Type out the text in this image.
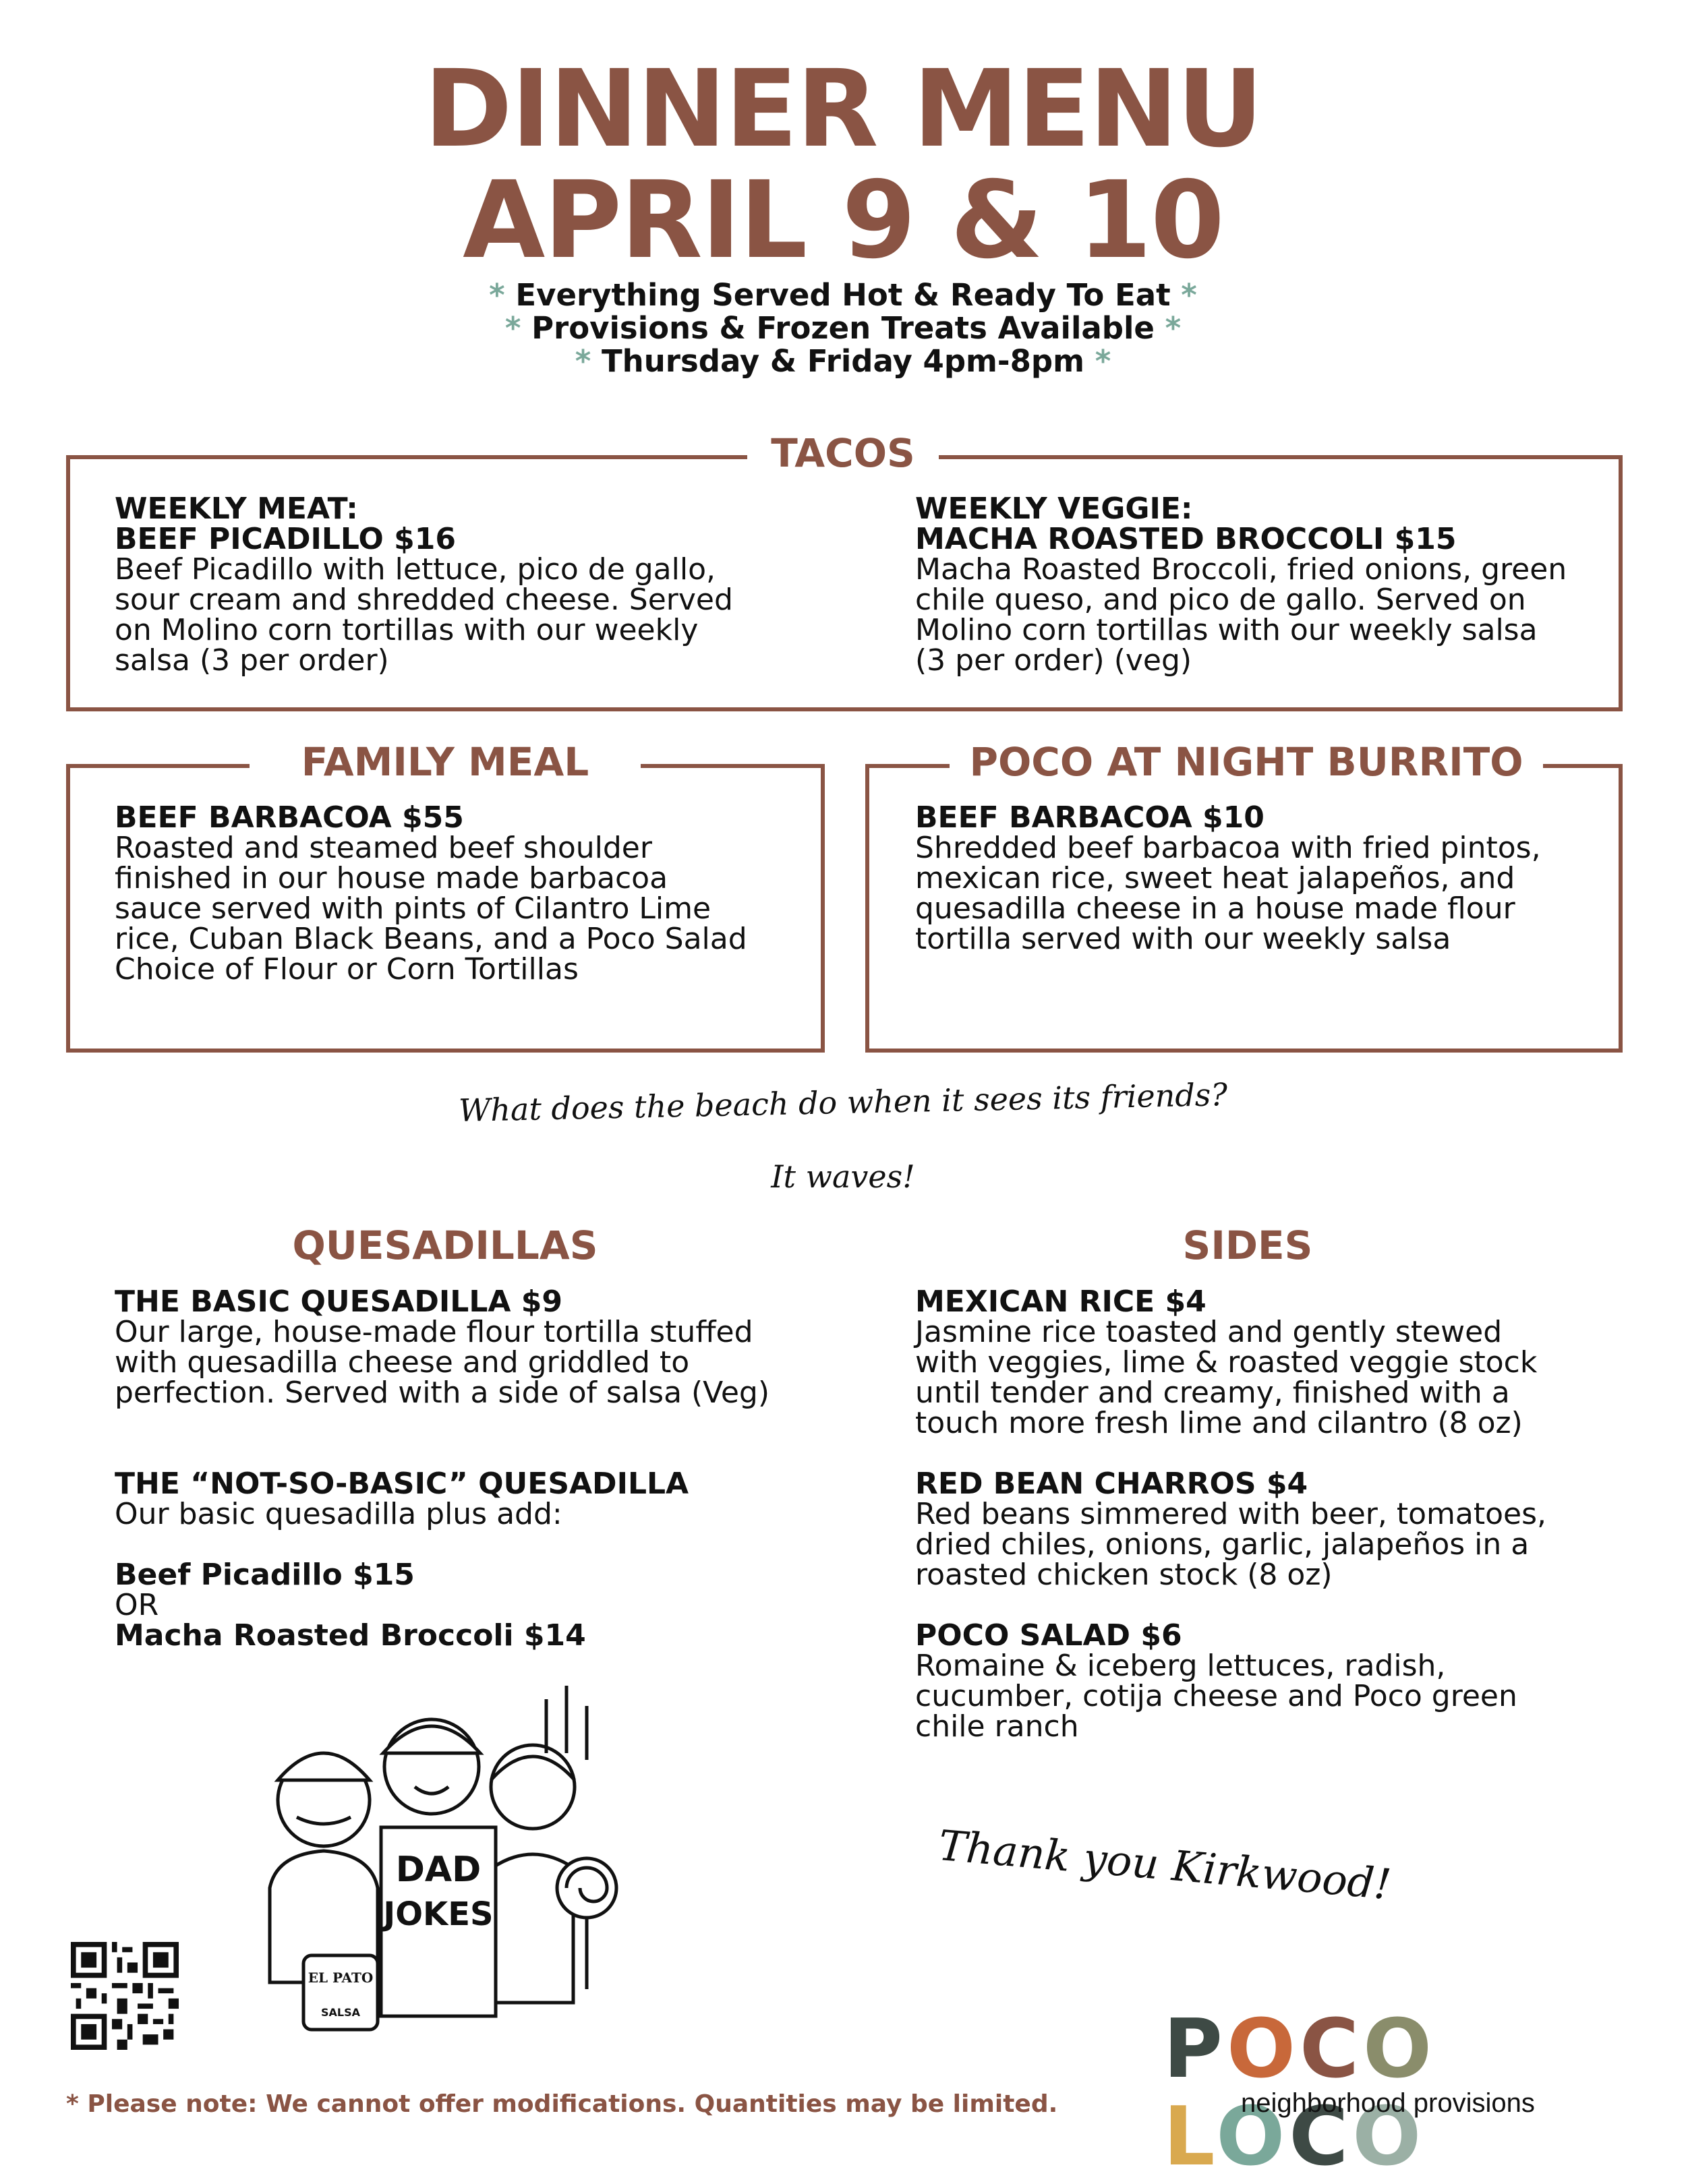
DINNER MENU
APRIL 9 & 10
* Everything Served Hot & Ready To Eat *
* Provisions & Frozen Treats Available *
* Thursday & Friday 4pm-8pm *
TACOS
WEEKLY MEAT:
BEEF PICADILLO $16
Beef Picadillo with lettuce, pico de gallo,
sour cream and shredded cheese. Served
on Molino corn tortillas with our weekly
salsa (3 per order)
WEEKLY VEGGIE:
MACHA ROASTED BROCCOLI $15
Macha Roasted Broccoli, fried onions, green
chile queso, and pico de gallo. Served on
Molino corn tortillas with our weekly salsa
(3 per order) (veg)
FAMILY MEAL
BEEF BARBACOA $55
Roasted and steamed beef shoulder
finished in our house made barbacoa
sauce served with pints of Cilantro Lime
rice, Cuban Black Beans, and a Poco Salad
Choice of Flour or Corn Tortillas
POCO AT NIGHT BURRITO
BEEF BARBACOA $10
Shredded beef barbacoa with fried pintos,
mexican rice, sweet heat jalapeños, and
quesadilla cheese in a house made flour
tortilla served with our weekly salsa
What does the beach do when it sees its friends?
It waves!
QUESADILLAS
THE BASIC QUESADILLA $9
Our large, house-made flour tortilla stuffed
with quesadilla cheese and griddled to
perfection. Served with a side of salsa (Veg)
THE “NOT-SO-BASIC” QUESADILLA
Our basic quesadilla plus add:
Beef Picadillo $15
OR
Macha Roasted Broccoli $14
SIDES
MEXICAN RICE $4
Jasmine rice toasted and gently stewed
with veggies, lime & roasted veggie stock
until tender and creamy, finished with a
touch more fresh lime and cilantro (8 oz)
RED BEAN CHARROS $4
Red beans simmered with beer, tomatoes,
dried chiles, onions, garlic, jalapeños in a
roasted chicken stock (8 oz)
POCO SALAD $6
Romaine & iceberg lettuces, radish,
cucumber, cotija cheese and Poco green
chile ranch
DAD
JOKES
EL PATO
SALSA
Thank you Kirkwood!
* Please note: We cannot offer modifications. Quantities may be limited.
POCOLOCO
neighborhood provisions
